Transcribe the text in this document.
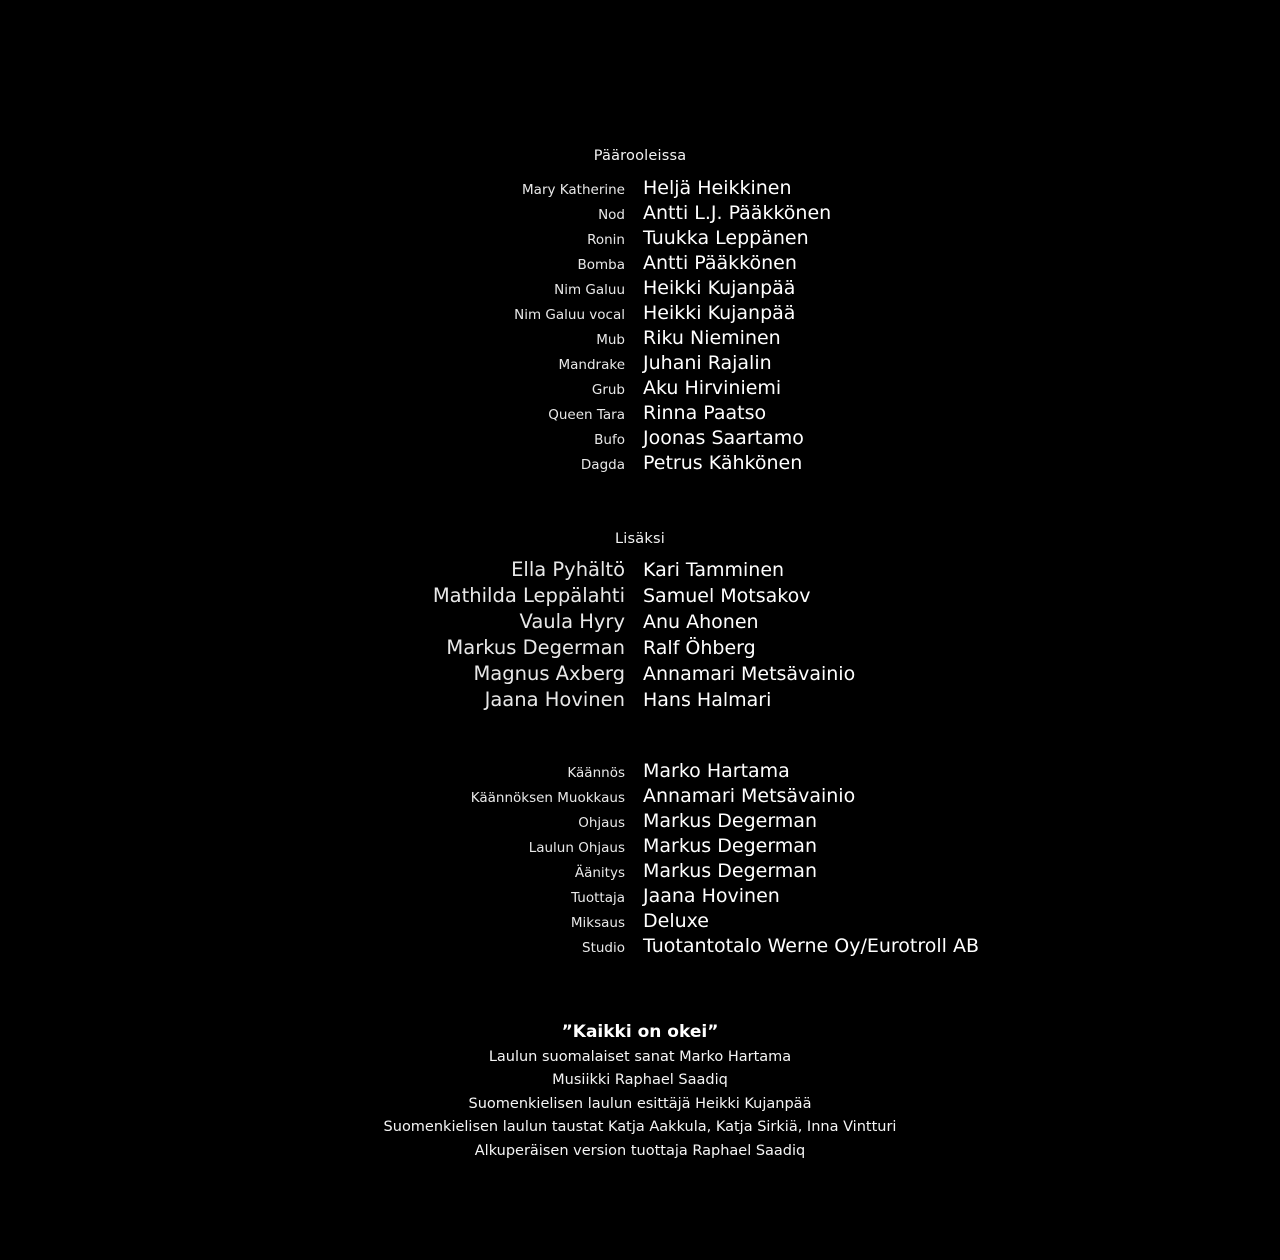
Päärooleissa
Mary Katherine Heljä Heikkinen
Nod Antti L.J. Pääkkönen
Ronin Tuukka Leppänen
Bomba Antti Pääkkönen
Nim Galuu Heikki Kujanpää
Nim Galuu vocal Heikki Kujanpää
Mub Riku Nieminen
Mandrake Juhani Rajalin
Grub Aku Hirviniemi
Queen Tara Rinna Paatso
Bufo Joonas Saartamo
Dagda Petrus Kähkönen
Lisäksi
Ella Pyhältö Kari Tamminen
Mathilda Leppälahti Samuel Motsakov
Vaula Hyry Anu Ahonen
Markus Degerman Ralf Öhberg
Magnus Axberg Annamari Metsävainio
Jaana Hovinen Hans Halmari
Käännös Marko Hartama
Käännöksen Muokkaus Annamari Metsävainio
Ohjaus Markus Degerman
Laulun Ohjaus Markus Degerman
Äänitys Markus Degerman
Tuottaja Jaana Hovinen
Miksaus Deluxe
Studio Tuotantotalo Werne Oy/Eurotroll AB
”Kaikki on okei”
Laulun suomalaiset sanat Marko Hartama
Musiikki Raphael Saadiq
Suomenkielisen laulun esittäjä Heikki Kujanpää
Suomenkielisen laulun taustat Katja Aakkula, Katja Sirkiä, Inna Vintturi
Alkuperäisen version tuottaja Raphael Saadiq
